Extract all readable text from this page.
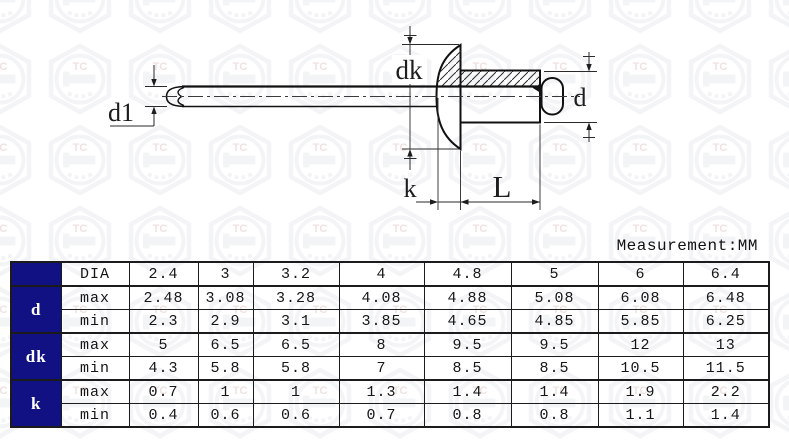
d1
dk
k L
d
Measurement:MM
	DIA	2.4	3	3.2	4	4.8	5	6	6.4
d	max	2.48	3.08	3.28	4.08	4.88	5.08	6.08	6.48
	min	2.3	2.9	3.1	3.85	4.65	4.85	5.85	6.25
dk	max	5	6.5	6.5	8	9.5	9.5	12	13
	min	4.3	5.8	5.8	7	8.5	8.5	10.5	11.5
k	max	0.7	1	1	1.3	1.4	1.4	1.9	2.2
	min	0.4	0.6	0.6	0.7	0.8	0.8	1.1	1.4
